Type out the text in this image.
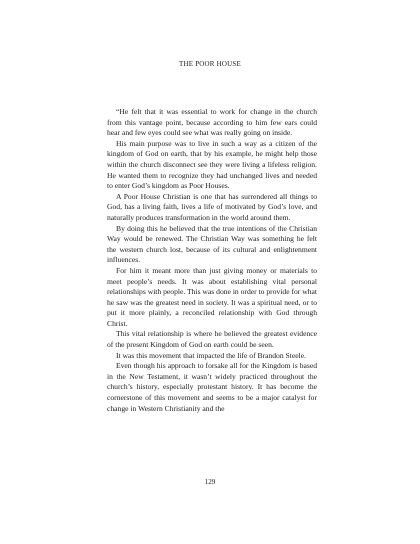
THE POOR HOUSE

“He felt that it was essential to work for change in the church from this vantage point, because according to him few ears could hear and few eyes could see what was really going on inside.

His main purpose was to live in such a way as a citizen of the kingdom of God on earth, that by his example, he might help those within the church disconnect see they were living a lifeless religion. He wanted them to recognize they had unchanged lives and needed to enter God’s kingdom as Poor Houses.

A Poor House Christian is one that has surrendered all things to God, has a living faith, lives a life of motivated by God’s love, and naturally produces transformation in the world around them.

By doing this he believed that the true intentions of the Christian Way would be renewed. The Christian Way was something he felt the western church lost, because of its cultural and enlightenment influences.

For him it meant more than just giving money or materials to meet people’s needs. It was about establishing vital personal relationships with people. This was done in order to provide for what he saw was the greatest need in society. It was a spiritual need, or to put it more plainly, a reconciled relationship with God through Christ.

This vital relationship is where he believed the greatest evidence of the present Kingdom of God on earth could be seen.

It was this movement that impacted the life of Brandon Steele.

Even though his approach to forsake all for the Kingdom is based in the New Testament, it wasn’t widely practiced throughout the church’s history, especially protestant history. It has become the cornerstone of this movement and seems to be a major catalyst for change in Western Christianity and the

129
